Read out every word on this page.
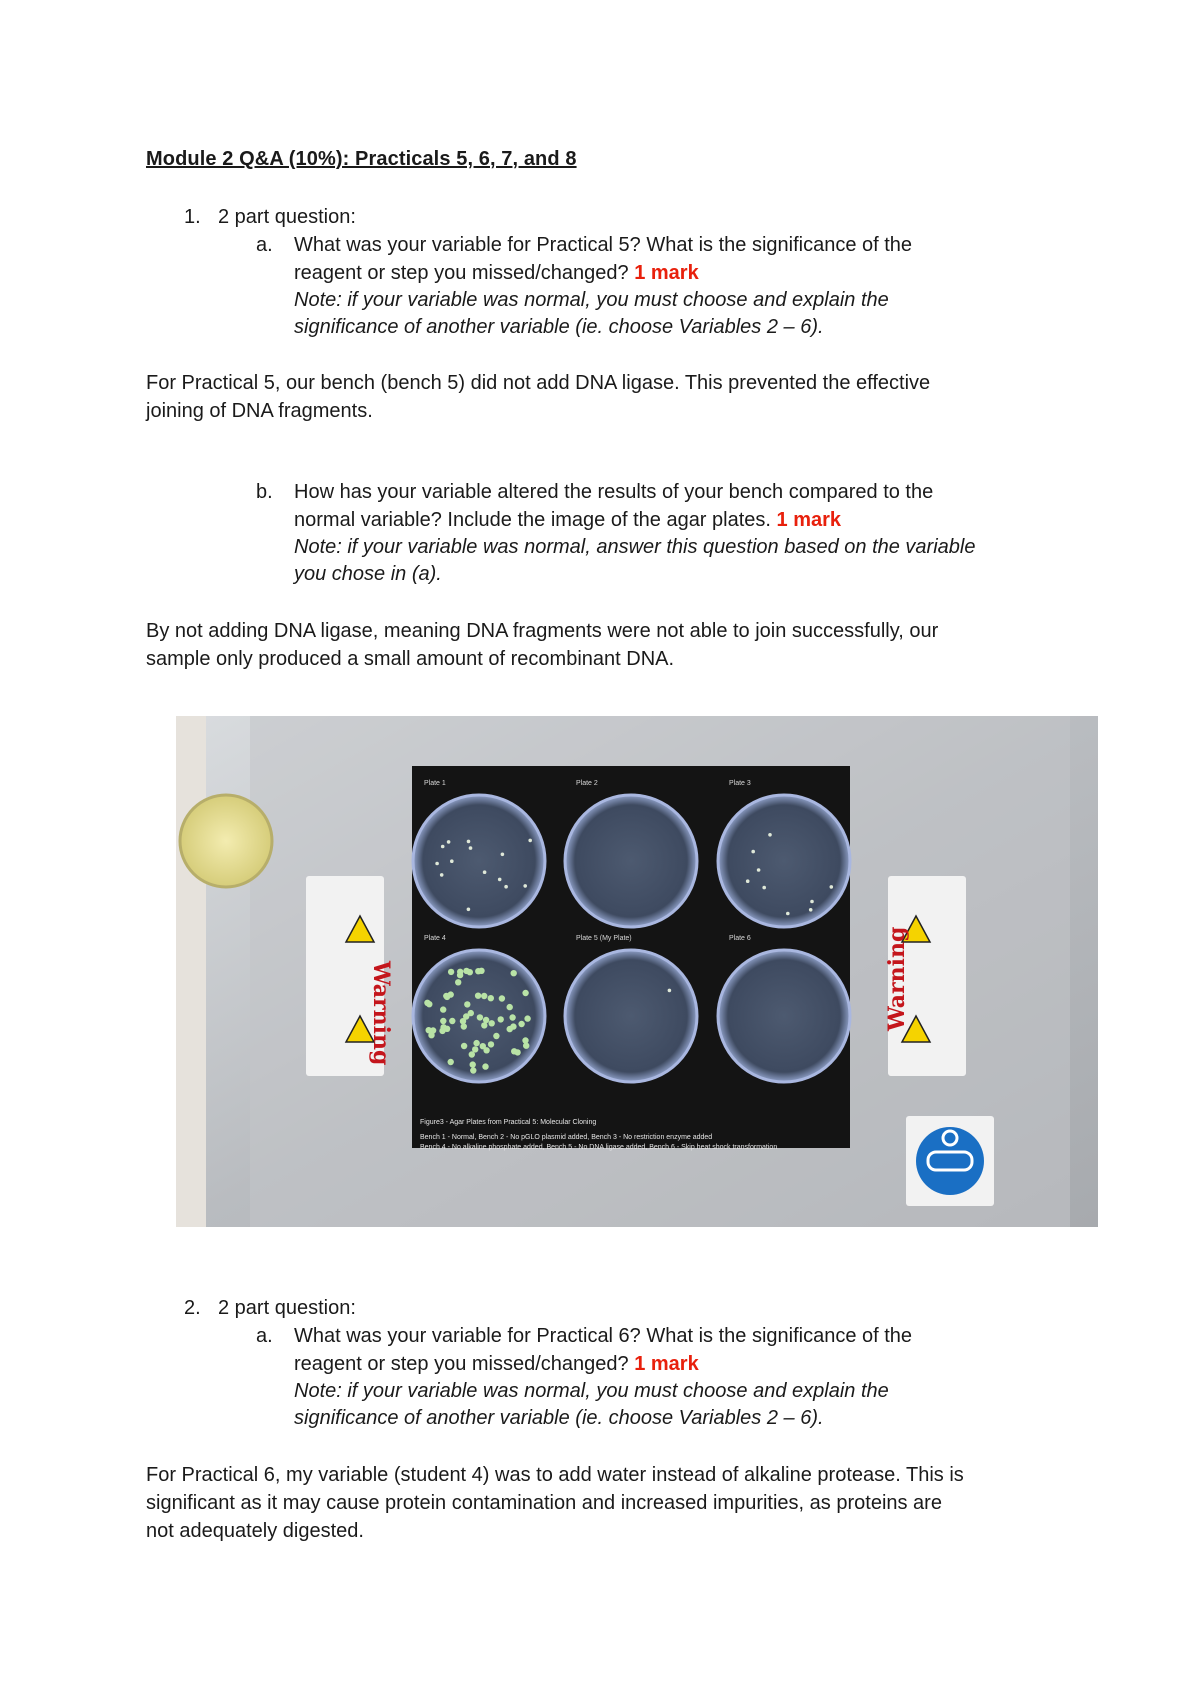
Module 2 Q&A (10%): Practicals 5, 6, 7, and 8
1. 2 part question:
a. What was your variable for Practical 5? What is the significance of the
reagent or step you missed/changed? 1 mark
Note: if your variable was normal, you must choose and explain the
significance of another variable (ie. choose Variables 2 – 6).
For Practical 5, our bench (bench 5) did not add DNA ligase. This prevented the effective
joining of DNA fragments.
b. How has your variable altered the results of your bench compared to the
normal variable? Include the image of the agar plates. 1 mark
Note: if your variable was normal, answer this question based on the variable
you chose in (a).
By not adding DNA ligase, meaning DNA fragments were not able to join successfully, our
sample only produced a small amount of recombinant DNA.
Warning	Warning
Plate 1	Plate 2	Plate 3
Plate 4	Plate 5 (My Plate)	Plate 6
Figure3 - Agar Plates from Practical 5: Molecular Cloning
Bench 1 - Normal, Bench 2 - No pGLO plasmid added, Bench 3 - No restriction enzyme added
Bench 4 - No alkaline phosphate added, Bench 5 - No DNA ligase added, Bench 6 - Skip heat shock transformation
2. 2 part question:
a. What was your variable for Practical 6? What is the significance of the
reagent or step you missed/changed? 1 mark
Note: if your variable was normal, you must choose and explain the
significance of another variable (ie. choose Variables 2 – 6).
For Practical 6, my variable (student 4) was to add water instead of alkaline protease. This is
significant as it may cause protein contamination and increased impurities, as proteins are
not adequately digested.
